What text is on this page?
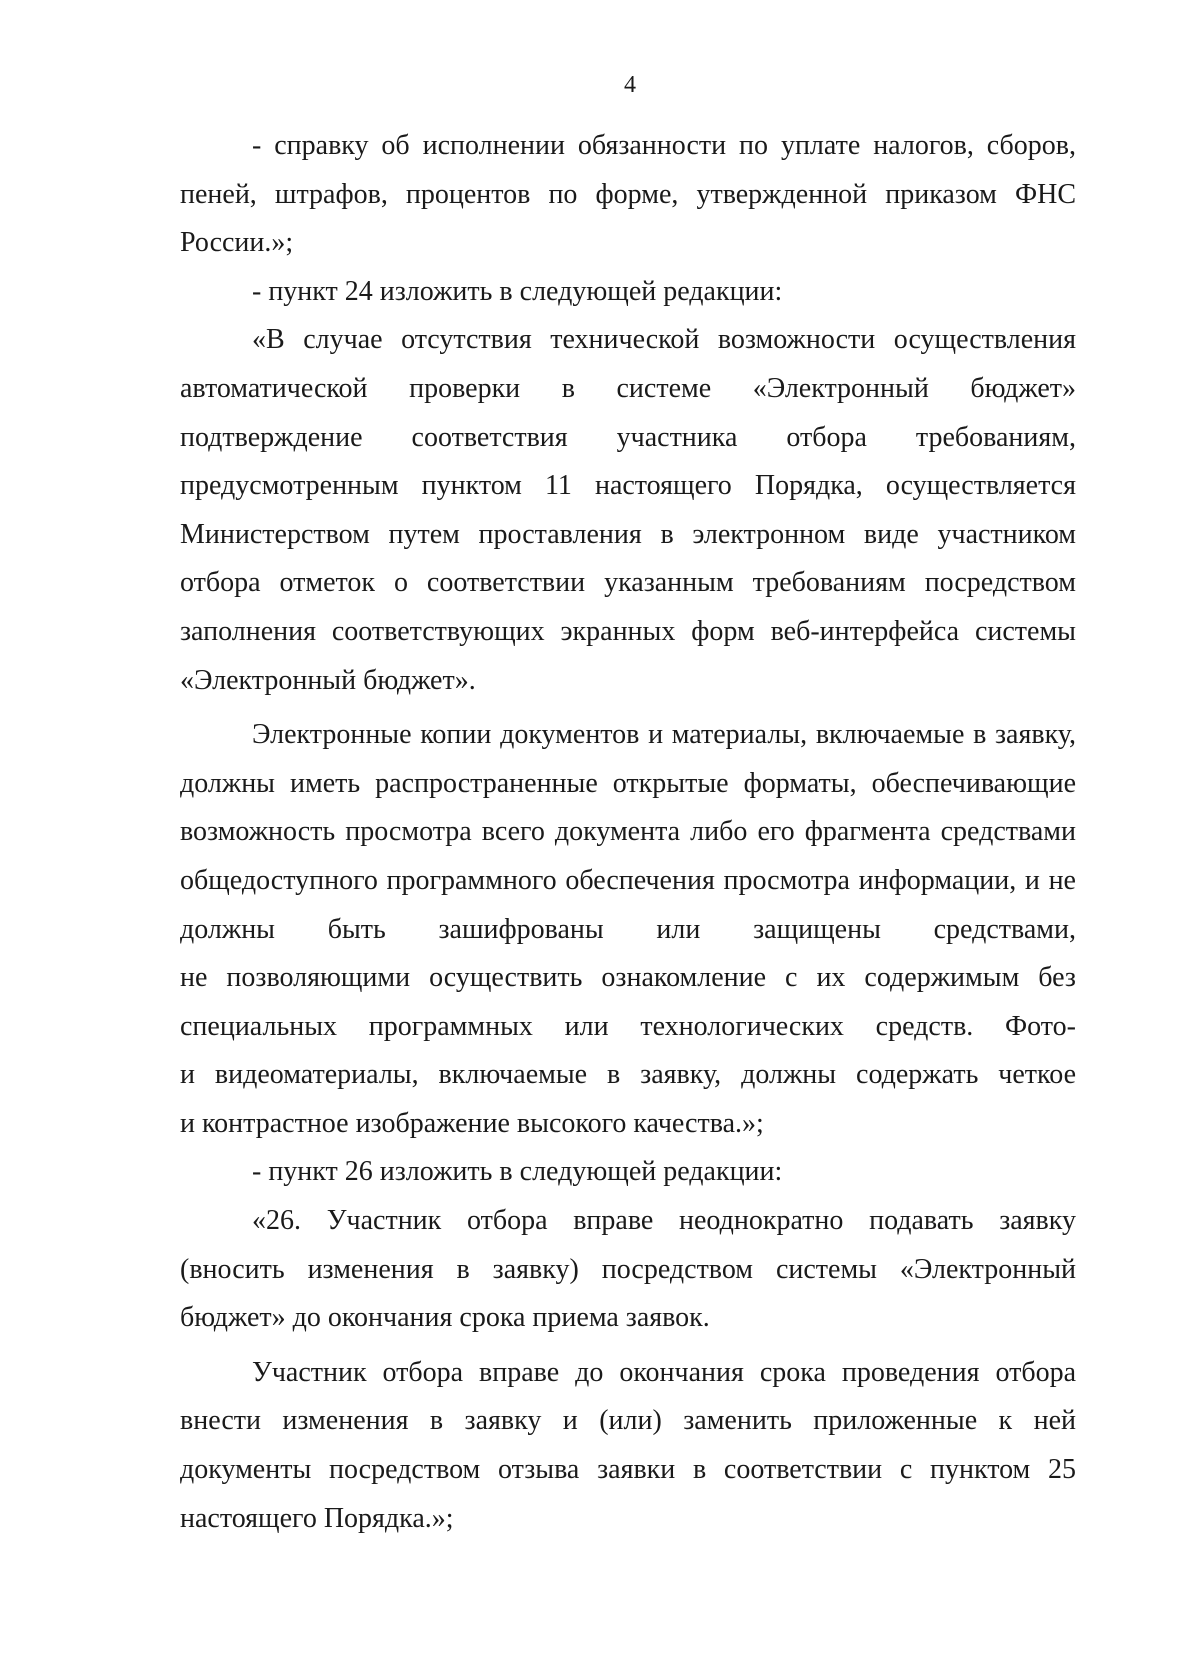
4
- справку об исполнении обязанности по уплате налогов, сборов,
пеней, штрафов, процентов по форме, утвержденной приказом ФНС
России.»;
- пункт 24 изложить в следующей редакции:
«В случае отсутствия технической возможности осуществления
автоматической проверки в системе «Электронный бюджет»
подтверждение соответствия участника отбора требованиям,
предусмотренным пунктом 11 настоящего Порядка, осуществляется
Министерством путем проставления в электронном виде участником
отбора отметок о соответствии указанным требованиям посредством
заполнения соответствующих экранных форм веб-интерфейса системы
«Электронный бюджет».
Электронные копии документов и материалы, включаемые в заявку,
должны иметь распространенные открытые форматы, обеспечивающие
возможность просмотра всего документа либо его фрагмента средствами
общедоступного программного обеспечения просмотра информации, и не
должны быть зашифрованы или защищены средствами,
не позволяющими осуществить ознакомление с их содержимым без
специальных программных или технологических средств. Фото-
и видеоматериалы, включаемые в заявку, должны содержать четкое
и контрастное изображение высокого качества.»;
- пункт 26 изложить в следующей редакции:
«26. Участник отбора вправе неоднократно подавать заявку
(вносить изменения в заявку) посредством системы «Электронный
бюджет» до окончания срока приема заявок.
Участник отбора вправе до окончания срока проведения отбора
внести изменения в заявку и (или) заменить приложенные к ней
документы посредством отзыва заявки в соответствии с пунктом 25
настоящего Порядка.»;
